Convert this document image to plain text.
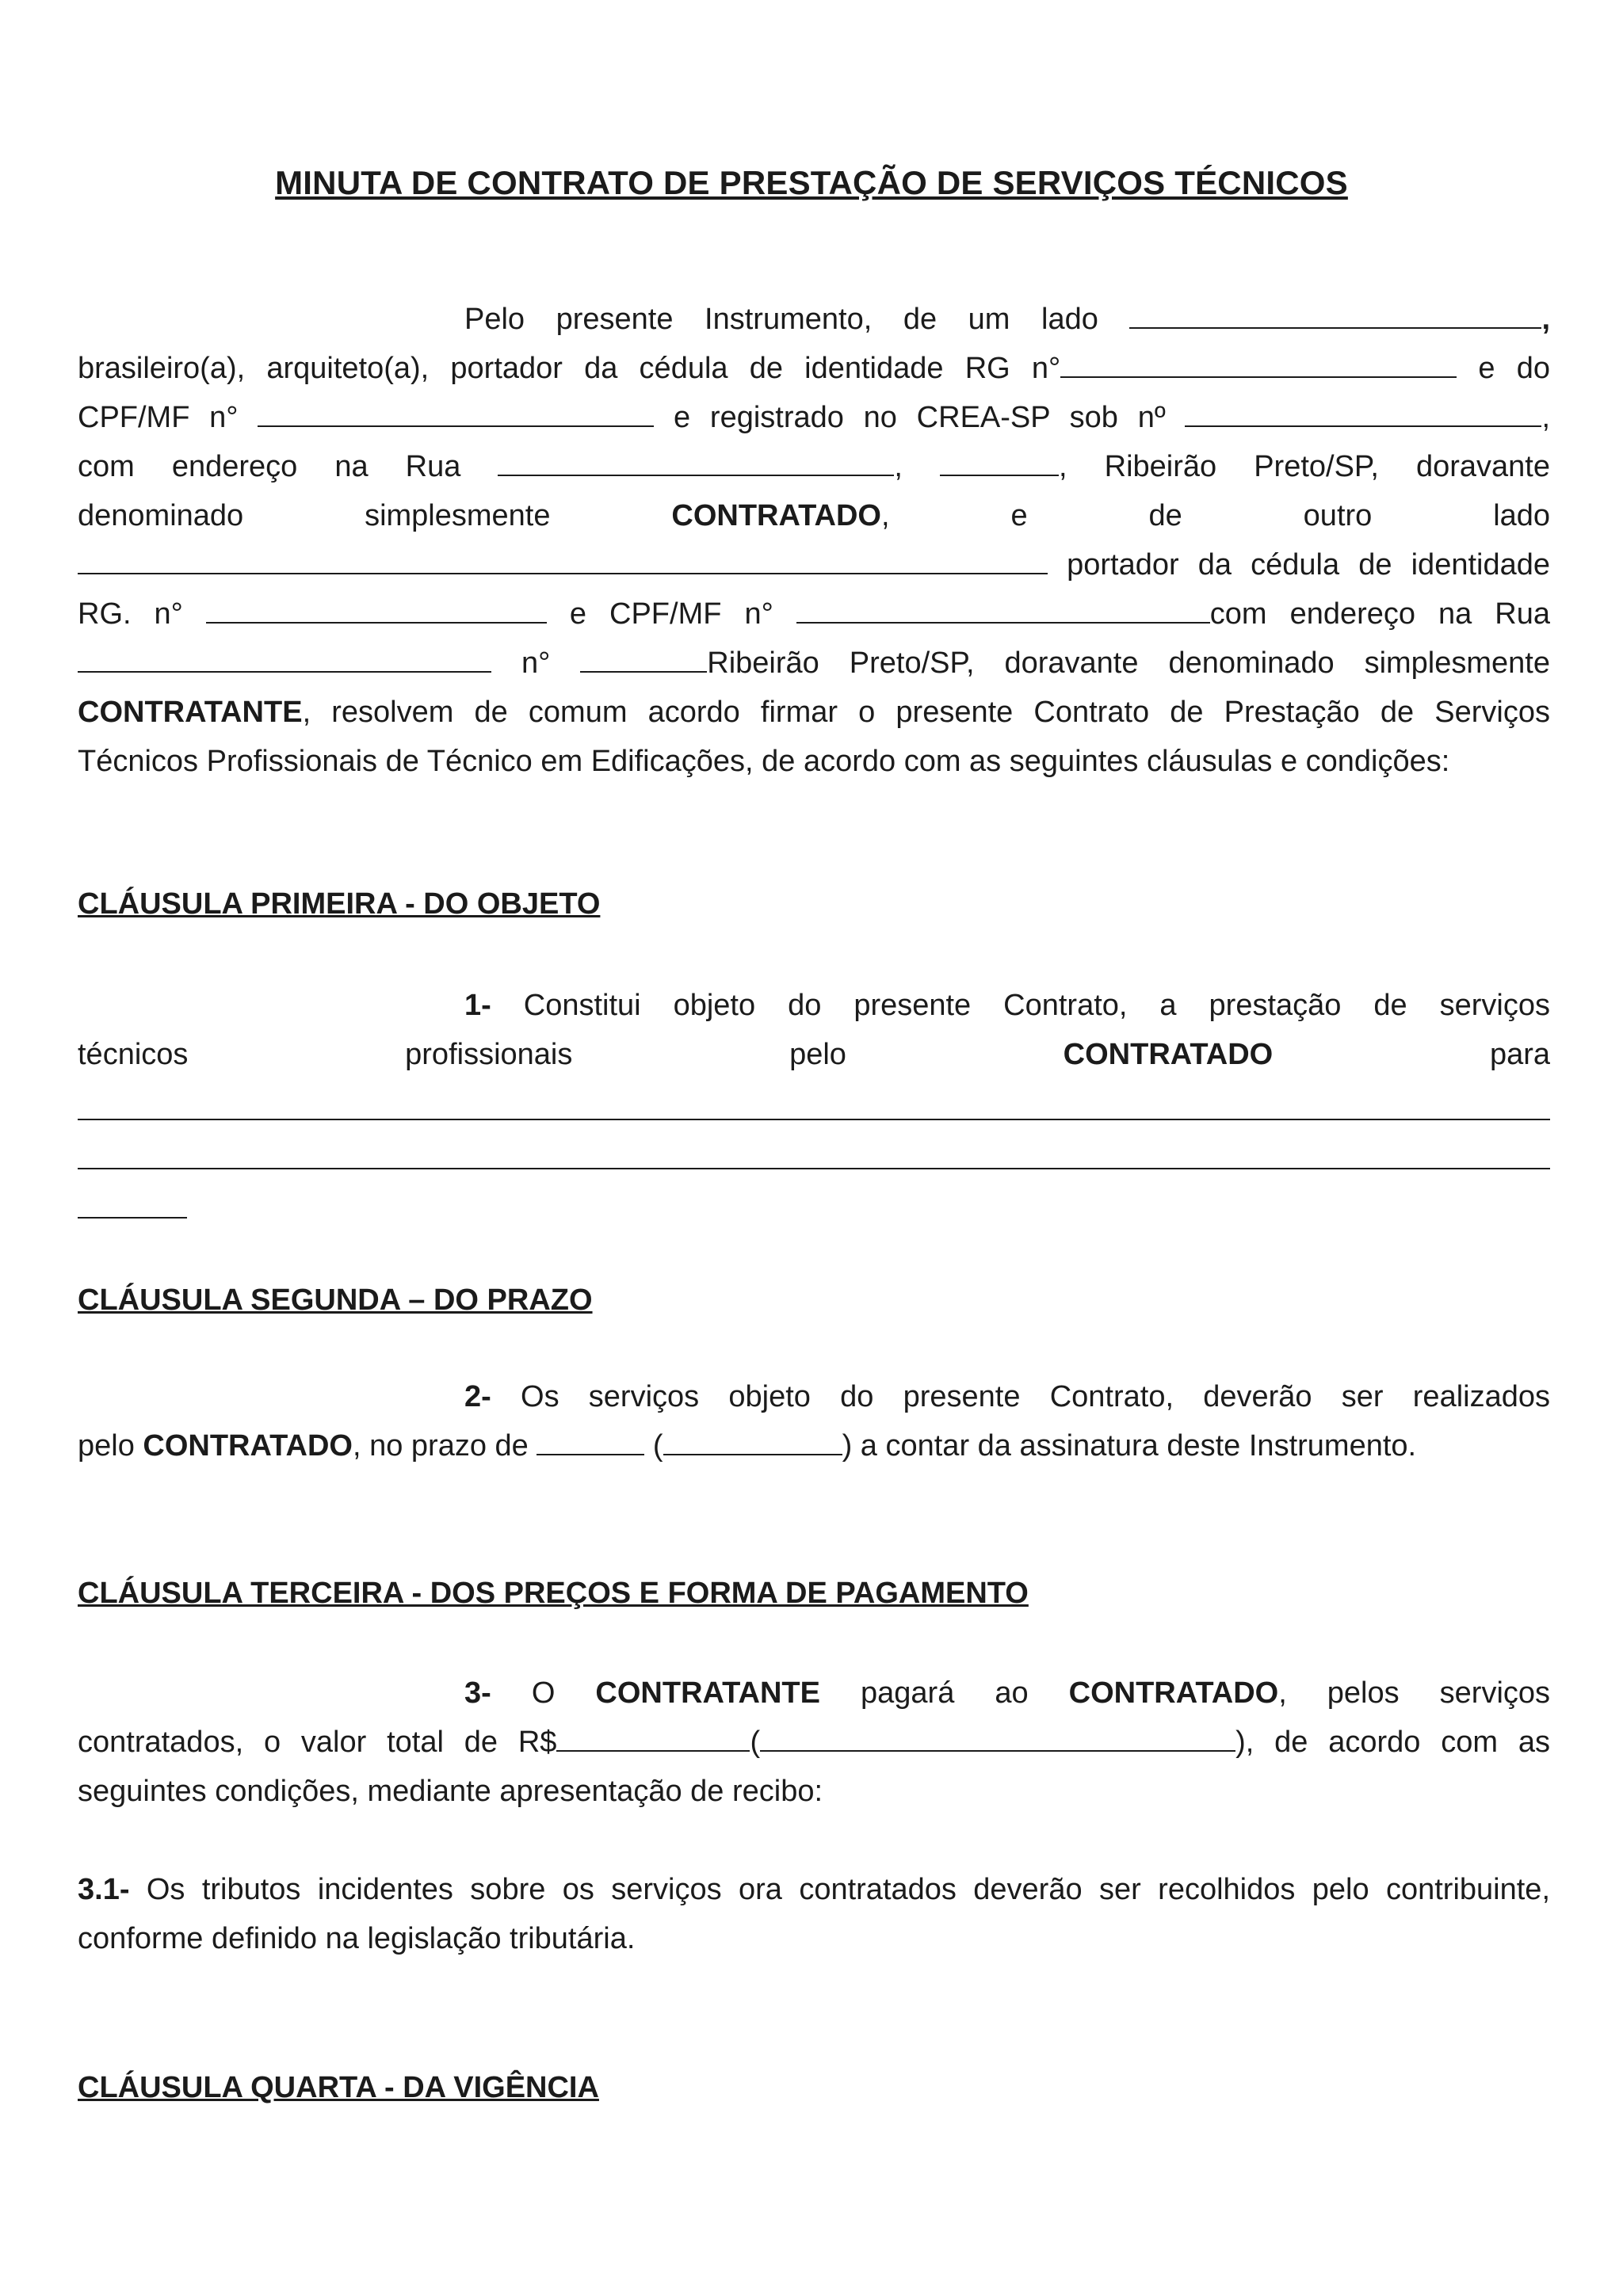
MINUTA DE CONTRATO DE PRESTAÇÃO DE SERVIÇOS TÉCNICOS
Pelo presente Instrumento, de um lado	,
brasileiro(a), arquiteto(a), portador da cédula de identidade RG n°	e do
CPF/MF n°	e registrado no CREA-SP sob nº	,
com endereço na Rua	,	, Ribeirão Preto/SP, doravante
denominado	simplesmente	CONTRATADO,	e	de	outro	lado
portador da cédula de identidade
RG. n°	e CPF/MF n°	com endereço na Rua
n°	Ribeirão Preto/SP, doravante denominado simplesmente
CONTRATANTE, resolvem de comum acordo firmar o presente Contrato de Prestação de Serviços
Técnicos Profissionais de Técnico em Edificações, de acordo com as seguintes cláusulas e condições:
CLÁUSULA PRIMEIRA - DO OBJETO
1- Constitui objeto do presente Contrato, a prestação de serviços
técnicos	profissionais	pelo	CONTRATADO	para
CLÁUSULA SEGUNDA – DO PRAZO
2- Os serviços objeto do presente Contrato, deverão ser realizados
pelo CONTRATADO, no prazo de	(	) a contar da assinatura deste Instrumento.
CLÁUSULA TERCEIRA - DOS PREÇOS E FORMA DE PAGAMENTO
3- O CONTRATANTE pagará ao CONTRATADO, pelos serviços
contratados, o valor total de R$	(	), de acordo com as
seguintes condições, mediante apresentação de recibo:
3.1- Os tributos incidentes sobre os serviços ora contratados deverão ser recolhidos pelo contribuinte,
conforme definido na legislação tributária.
CLÁUSULA QUARTA - DA VIGÊNCIA
